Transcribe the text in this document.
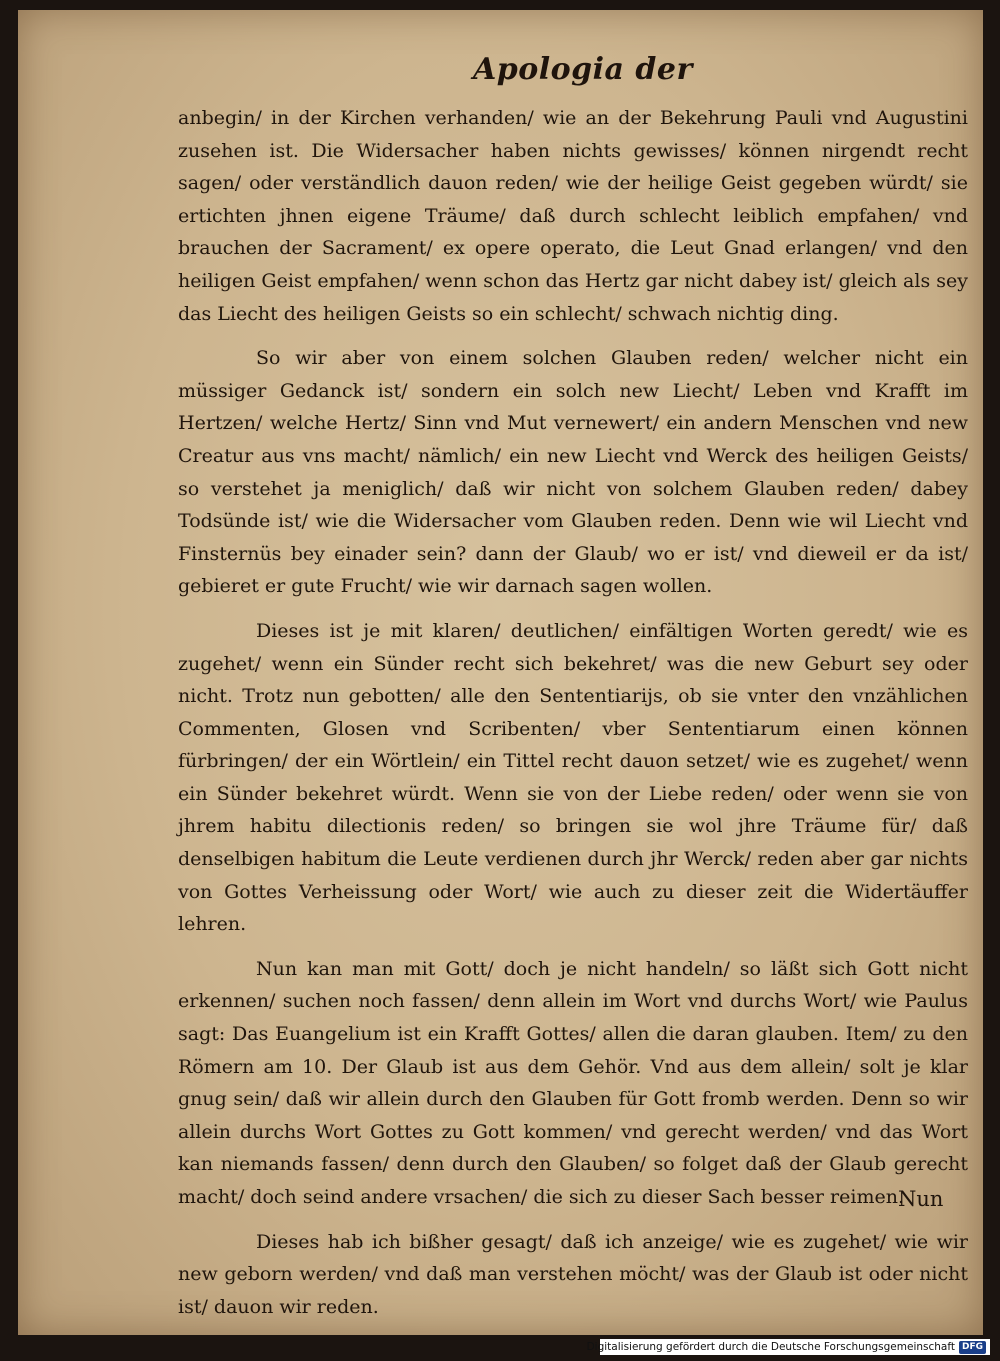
Apologia der

anbegin/ in der Kirchen verhanden/ wie an der Bekehrung Pauli vnd Augustini zusehen ist. Die Widersacher haben nichts gewisses/ können nirgendt recht sagen/ oder verständlich dauon reden/ wie der heilige Geist gegeben würdt/ sie ertichten jhnen eigene Träume/ daß durch schlecht leiblich empfahen/ vnd brauchen der Sacrament/ ex opere operato, die Leut Gnad erlangen/ vnd den heiligen Geist empfahen/ wenn schon das Hertz gar nicht dabey ist/ gleich als sey das Liecht des heiligen Geists so ein schlecht/ schwach nichtig ding.

So wir aber von einem solchen Glauben reden/ welcher nicht ein müssiger Gedanck ist/ sondern ein solch new Liecht/ Leben vnd Krafft im Hertzen/ welche Hertz/ Sinn vnd Mut vernewert/ ein andern Menschen vnd new Creatur aus vns macht/ nämlich/ ein new Liecht vnd Werck des heiligen Geists/ so verstehet ja meniglich/ daß wir nicht von solchem Glauben reden/ dabey Todsünde ist/ wie die Widersacher vom Glauben reden. Denn wie wil Liecht vnd Finsternüs bey einader sein? dann der Glaub/ wo er ist/ vnd dieweil er da ist/ gebieret er gute Frucht/ wie wir darnach sagen wollen.

Dieses ist je mit klaren/ deutlichen/ einfältigen Worten geredt/ wie es zugehet/ wenn ein Sünder recht sich bekehret/ was die new Geburt sey oder nicht. Trotz nun gebotten/ alle den Sententiarijs, ob sie vnter den vnzählichen Commenten, Glosen vnd Scribenten/ vber Sententiarum einen können fürbringen/ der ein Wörtlein/ ein Tittel recht dauon setzet/ wie es zugehet/ wenn ein Sünder bekehret würdt. Wenn sie von der Liebe reden/ oder wenn sie von jhrem habitu dilectionis reden/ so bringen sie wol jhre Träume für/ daß denselbigen habitum die Leute verdienen durch jhr Werck/ reden aber gar nichts von Gottes Verheissung oder Wort/ wie auch zu dieser zeit die Widertäuffer lehren.

Nun kan man mit Gott/ doch je nicht handeln/ so läßt sich Gott nicht erkennen/ suchen noch fassen/ denn allein im Wort vnd durchs Wort/ wie Paulus sagt: Das Euangelium ist ein Krafft Gottes/ allen die daran glauben. Item/ zu den Römern am 10. Der Glaub ist aus dem Gehör. Vnd aus dem allein/ solt je klar gnug sein/ daß wir allein durch den Glauben für Gott fromb werden. Denn so wir allein durchs Wort Gottes zu Gott kommen/ vnd gerecht werden/ vnd das Wort kan niemands fassen/ denn durch den Glauben/ so folget daß der Glaub gerecht macht/ doch seind andere vrsachen/ die sich zu dieser Sach besser reimen.

Dieses hab ich bißher gesagt/ daß ich anzeige/ wie es zugehet/ wie wir new geborn werden/ vnd daß man verstehen möcht/ was der Glaub ist oder nicht ist/ dauon wir reden.

Nun
Digitalisierung gefördert durch die Deutsche Forschungsgemeinschaft DFG
